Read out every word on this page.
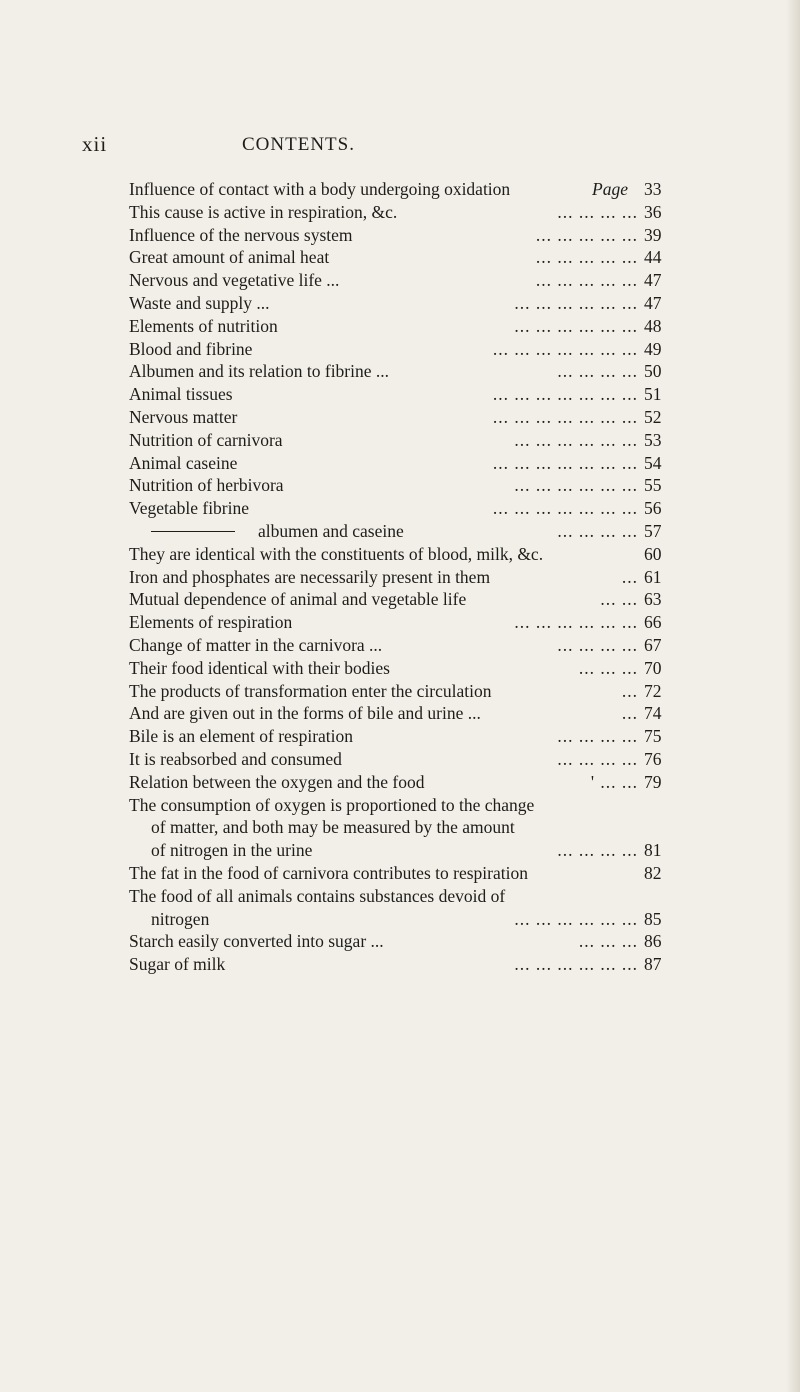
xii	CONTENTS.
Influence of contact with a body undergoing oxidation	Page 33
This cause is active in respiration, &c.	... ... ... ... 36
Influence of the nervous system	... ... ... ... ... 39
Great amount of animal heat	... ... ... ... ... 44
Nervous and vegetative life ...	... ... ... ... ... 47
Waste and supply ...	... ... ... ... ... ... 47
Elements of nutrition	... ... ... ... ... ... 48
Blood and fibrine	... ... ... ... ... ... ... 49
Albumen and its relation to fibrine ...	... ... ... ... 50
Animal tissues	... ... ... ... ... ... ... 51
Nervous matter	... ... ... ... ... ... ... 52
Nutrition of carnivora	... ... ... ... ... ... 53
Animal caseine	... ... ... ... ... ... ... 54
Nutrition of herbivora	... ... ... ... ... ... 55
Vegetable fibrine	... ... ... ... ... ... ... 56
albumen and caseine	... ... ... ... 57
They are identical with the constituents of blood, milk, &c.	60
Iron and phosphates are necessarily present in them	... 61
Mutual dependence of animal and vegetable life	... ... 63
Elements of respiration	... ... ... ... ... ... 66
Change of matter in the carnivora ...	... ... ... ... 67
Their food identical with their bodies	... ... ... 70
The products of transformation enter the circulation	... 72
And are given out in the forms of bile and urine ...	... 74
Bile is an element of respiration	... ... ... ... 75
It is reabsorbed and consumed	... ... ... ... 76
Relation between the oxygen and the food	' ... ... 79
The consumption of oxygen is proportioned to the change
of matter, and both may be measured by the amount
of nitrogen in the urine	... ... ... ... 81
The fat in the food of carnivora contributes to respiration	82
The food of all animals contains substances devoid of
nitrogen	... ... ... ... ... ... 85
Starch easily converted into sugar ...	... ... ... 86
Sugar of milk	... ... ... ... ... ... 87
